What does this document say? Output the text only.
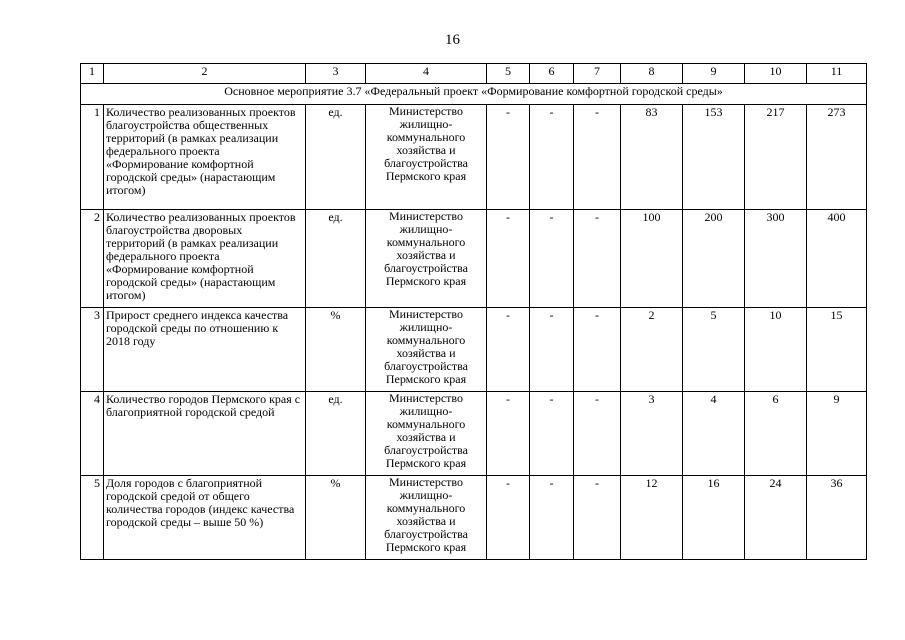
16
1	2	3	4	5	6	7	8	9	10	11
Основное мероприятие 3.7 «Федеральный проект «Формирование комфортной городской среды»										
1	Количество реализованных проектов благоустройства общественных территорий (в рамках реализации федерального проекта «Формирование комфортной городской среды» (нарастающим итогом)	ед.	Министерство жилищно-коммунального хозяйства и благоустройства Пермского края	-	-	-	83	153	217	273
2	Количество реализованных проектов благоустройства дворовых территорий (в рамках реализации федерального проекта «Формирование комфортной городской среды» (нарастающим итогом)	ед.	Министерство жилищно-коммунального хозяйства и благоустройства Пермского края	-	-	-	100	200	300	400
3	Прирост среднего индекса качества городской среды по отношению к 2018 году	%	Министерство жилищно-коммунального хозяйства и благоустройства Пермского края	-	-	-	2	5	10	15
4	Количество городов Пермского края с благоприятной городской средой	ед.	Министерство жилищно-коммунального хозяйства и благоустройства Пермского края	-	-	-	3	4	6	9
5	Доля городов с благоприятной городской средой от общего количества городов (индекс качества городской среды – выше 50 %)	%	Министерство жилищно-коммунального хозяйства и благоустройства Пермского края	-	-	-	12	16	24	36
